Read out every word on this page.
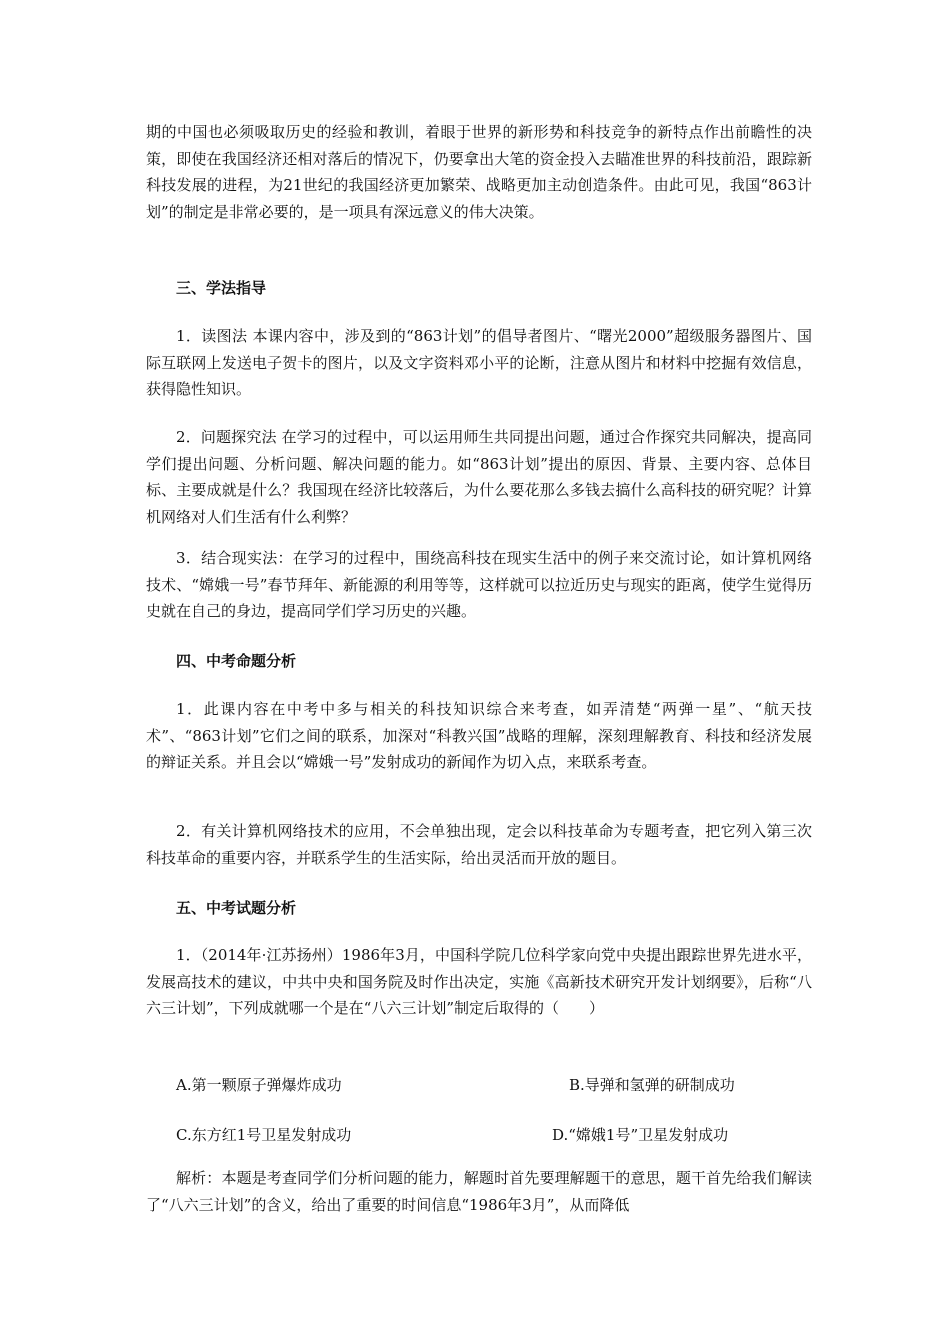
期的中国也必须吸取历史的经验和教训，着眼于世界的新形势和科技竞争的新特点作出前瞻性的决策，即使在我国经济还相对落后的情况下，仍要拿出大笔的资金投入去瞄准世界的科技前沿，跟踪新科技发展的进程，为21世纪的我国经济更加繁荣、战略更加主动创造条件。由此可见，我国“863计划”的制定是非常必要的，是一项具有深远意义的伟大决策。

三、学法指导

1．读图法 本课内容中，涉及到的“863计划”的倡导者图片、“曙光2000”超级服务器图片、国际互联网上发送电子贺卡的图片，以及文字资料邓小平的论断，注意从图片和材料中挖掘有效信息，获得隐性知识。

2．问题探究法 在学习的过程中，可以运用师生共同提出问题，通过合作探究共同解决，提高同学们提出问题、分析问题、解决问题的能力。如“863计划”提出的原因、背景、主要内容、总体目标、主要成就是什么？我国现在经济比较落后，为什么要花那么多钱去搞什么高科技的研究呢？计算机网络对人们生活有什么利弊？

3．结合现实法：在学习的过程中，围绕高科技在现实生活中的例子来交流讨论，如计算机网络技术、“嫦娥一号”春节拜年、新能源的利用等等，这样就可以拉近历史与现实的距离，使学生觉得历史就在自己的身边，提高同学们学习历史的兴趣。

四、中考命题分析

1．此课内容在中考中多与相关的科技知识综合来考查，如弄清楚“两弹一星”、“航天技术”、“863计划”它们之间的联系，加深对“科教兴国”战略的理解，深刻理解教育、科技和经济发展的辩证关系。并且会以“嫦娥一号”发射成功的新闻作为切入点，来联系考查。

2．有关计算机网络技术的应用，不会单独出现，定会以科技革命为专题考查，把它列入第三次科技革命的重要内容，并联系学生的生活实际，给出灵活而开放的题目。

五、中考试题分析

1．（2014年·江苏扬州）1986年3月，中国科学院几位科学家向党中央提出跟踪世界先进水平，发展高技术的建议，中共中央和国务院及时作出决定，实施《高新技术研究开发计划纲要》，后称“八六三计划”，下列成就哪一个是在“八六三计划”制定后取得的（　　）

A.第一颗原子弹爆炸成功	B.导弹和氢弹的研制成功
C.东方红1号卫星发射成功	D.“嫦娥1号”卫星发射成功

解析：本题是考查同学们分析问题的能力，解题时首先要理解题干的意思，题干首先给我们解读了“八六三计划”的含义，给出了重要的时间信息“1986年3月”，从而降低
